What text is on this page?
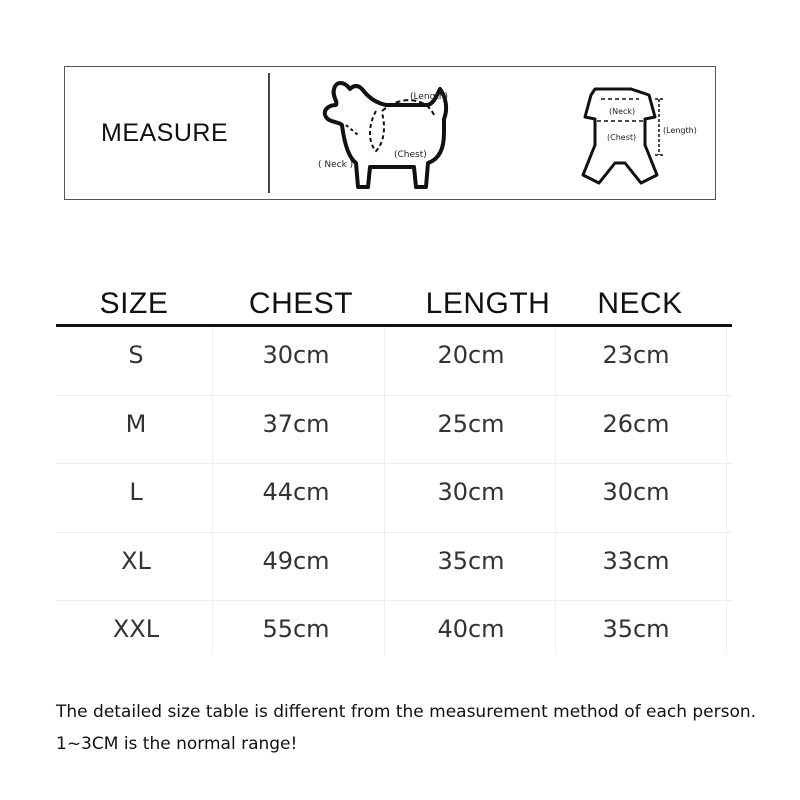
MEASURE
(Length)
(Chest)
( Neck )
(Neck)
(Chest)
(Length)
SIZE	CHEST	LENGTH	NECK
S	30cm	20cm	23cm
M	37cm	25cm	26cm
L	44cm	30cm	30cm
XL	49cm	35cm	33cm
XXL	55cm	40cm	35cm
The detailed size table is different from the measurement method of each person.
1~3CM is the normal range!
